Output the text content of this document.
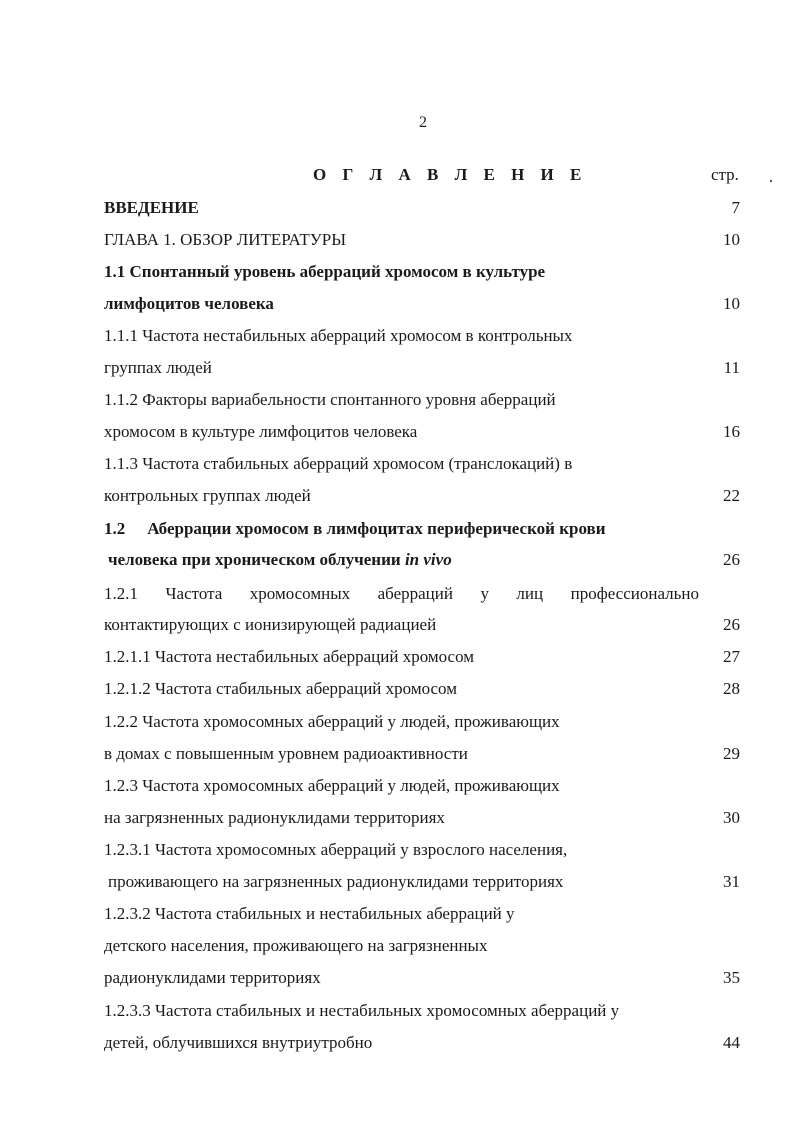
2
О Г Л А В Л Е Н И Е	стр.
ВВЕДЕНИЕ	7
ГЛАВА 1. ОБЗОР ЛИТЕРАТУРЫ	10
1.1 Спонтанный уровень аберраций хромосом в культуре
лимфоцитов человека	10
1.1.1 Частота нестабильных аберраций хромосом в контрольных
группах людей	11
1.1.2 Факторы вариабельности спонтанного уровня аберраций
хромосом в культуре лимфоцитов человека	16
1.1.3 Частота стабильных аберраций хромосом (транслокаций) в
контрольных группах людей	22
1.2 Аберрации хромосом в лимфоцитах периферической крови
человека при хроническом облучении in vivo	26
1.2.1 Частота хромосомных аберраций у лиц профессионально
контактирующих с ионизирующей радиацией	26
1.2.1.1 Частота нестабильных аберраций хромосом	27
1.2.1.2 Частота стабильных аберраций хромосом	28
1.2.2 Частота хромосомных аберраций у людей, проживающих
в домах с повышенным уровнем радиоактивности	29
1.2.3 Частота хромосомных аберраций у людей, проживающих
на загрязненных радионуклидами территориях	30
1.2.3.1 Частота хромосомных аберраций у взрослого населения,
проживающего на загрязненных радионуклидами территориях	31
1.2.3.2 Частота стабильных и нестабильных аберраций у
детского населения, проживающего на загрязненных
радионуклидами территориях	35
1.2.3.3 Частота стабильных и нестабильных хромосомных аберраций у
детей, облучившихся внутриутробно	44
